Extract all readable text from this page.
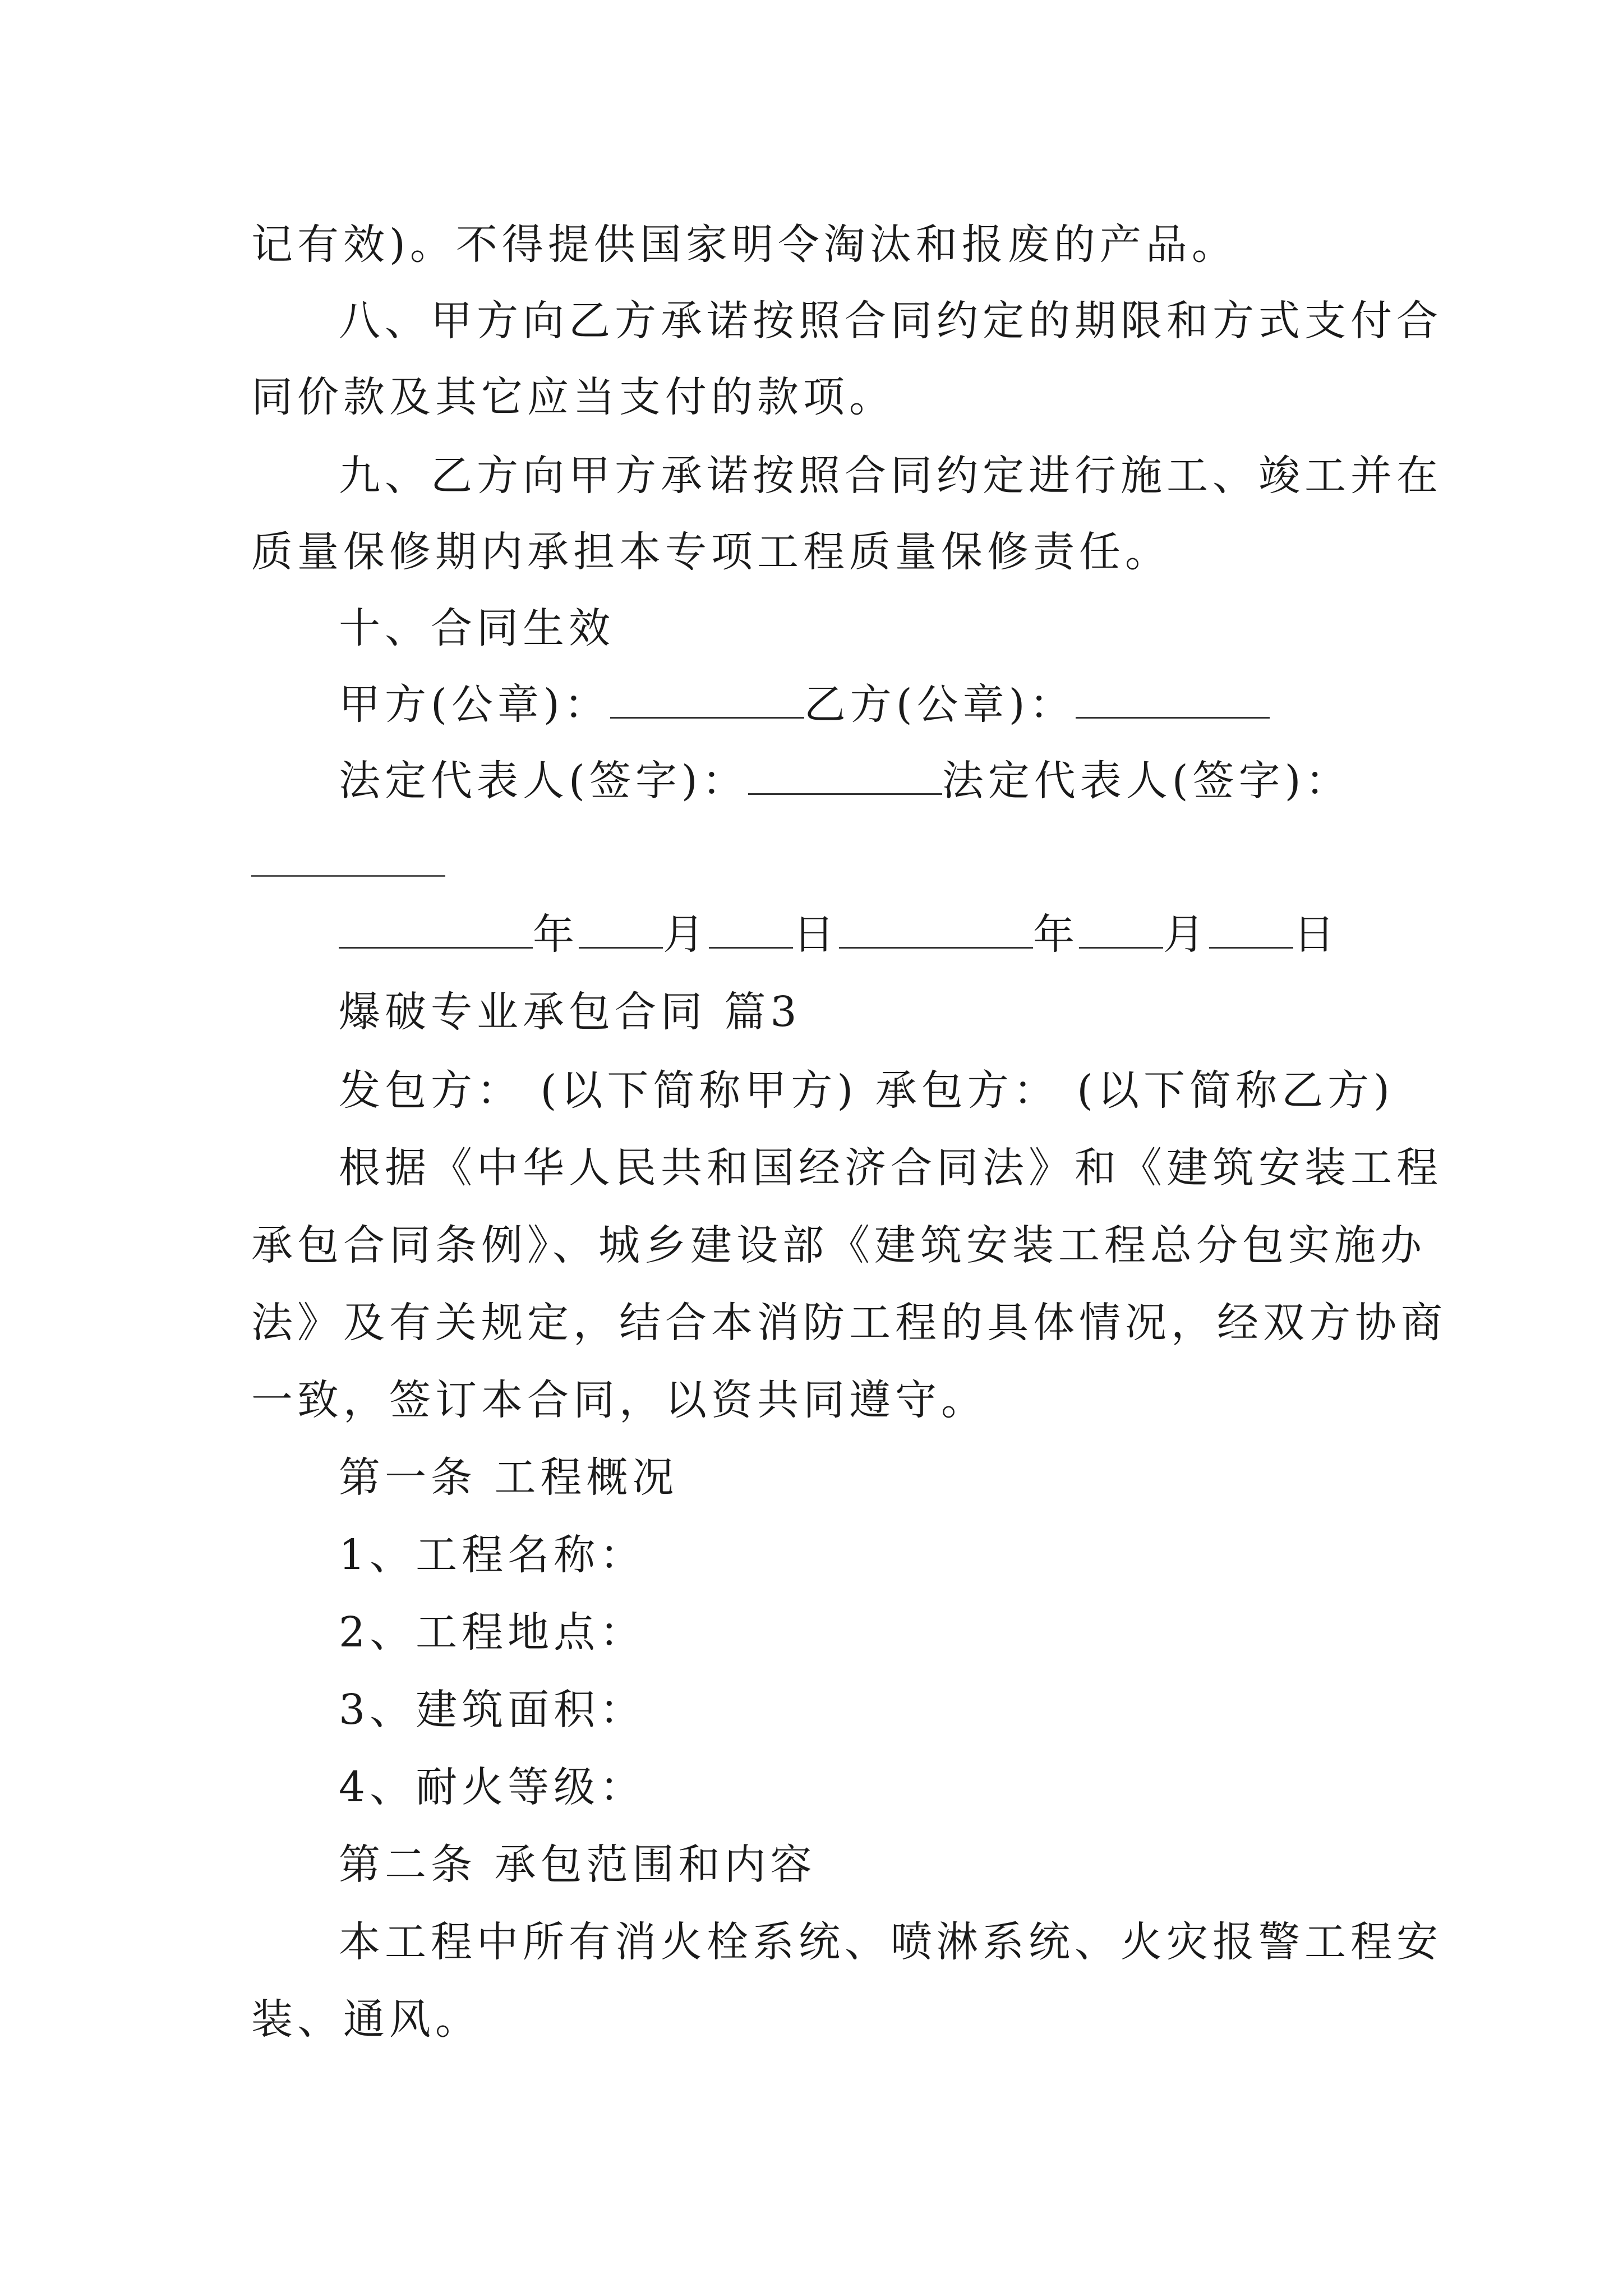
记有效)。不得提供国家明令淘汰和报废的产品。
八、甲方向乙方承诺按照合同约定的期限和方式支付合
同价款及其它应当支付的款项。
九、乙方向甲方承诺按照合同约定进行施工、竣工并在
质量保修期内承担本专项工程质量保修责任。
十、合同生效
甲方(公章)：	乙方(公章)：
法定代表人(签字)：	法定代表人(签字)：
年 月 日	年 月 日
爆破专业承包合同 篇3
发包方： (以下简称甲方) 承包方： (以下简称乙方)
根据《中华人民共和国经济合同法》和《建筑安装工程
承包合同条例》、城乡建设部《建筑安装工程总分包实施办
法》及有关规定，结合本消防工程的具体情况，经双方协商
一致，签订本合同，以资共同遵守。
第一条 工程概况
1、工程名称：
2、工程地点：
3、建筑面积：
4、耐火等级：
第二条 承包范围和内容
本工程中所有消火栓系统、喷淋系统、火灾报警工程安
装、通风。
